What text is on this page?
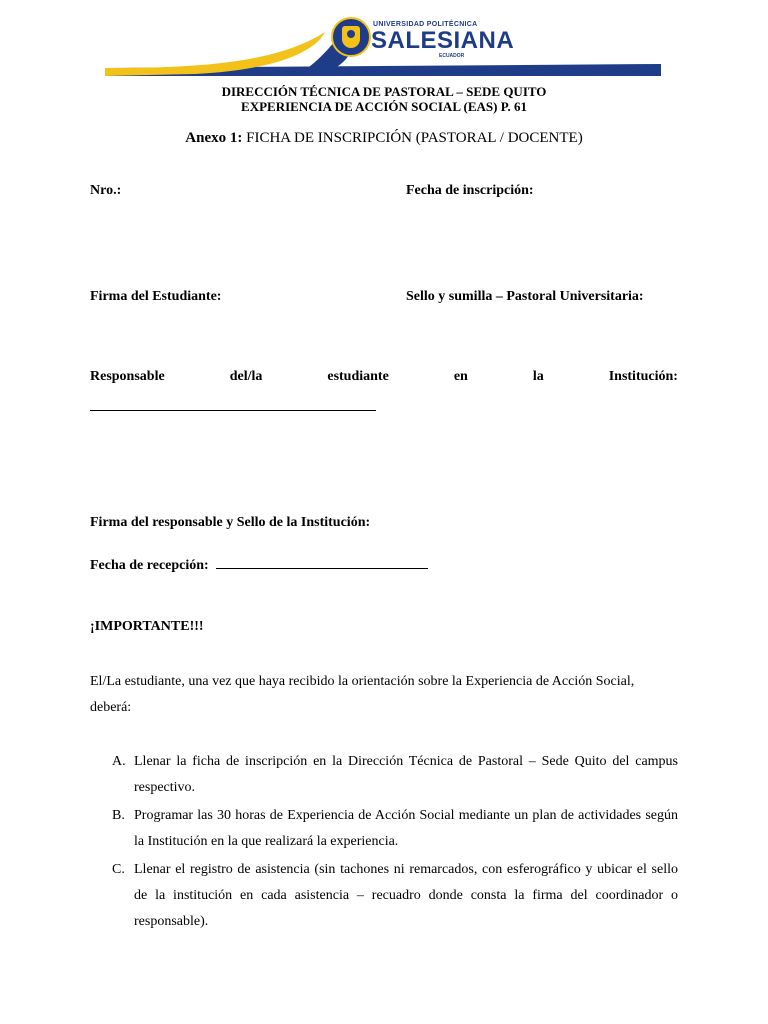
UNIVERSIDAD POLITÉCNICA
SALESIANA
ECUADOR
DIRECCIÓN TÉCNICA DE PASTORAL – SEDE QUITO
EXPERIENCIA DE ACCIÓN SOCIAL (EAS) P. 61
Anexo 1: FICHA DE INSCRIPCIÓN (PASTORAL / DOCENTE)
Nro.:	Fecha de inscripción:
Firma del Estudiante:	Sello y sumilla – Pastoral Universitaria:
Responsable	del/la	estudiante	en	la	Institución:
Firma del responsable y Sello de la Institución:
Fecha de recepción:
¡IMPORTANTE!!!
El/La estudiante, una vez que haya recibido la orientación sobre la Experiencia de Acción Social, deberá:
A. Llenar la ficha de inscripción en la Dirección Técnica de Pastoral – Sede Quito del campus respectivo.
B. Programar las 30 horas de Experiencia de Acción Social mediante un plan de actividades según la Institución en la que realizará la experiencia.
C. Llenar el registro de asistencia (sin tachones ni remarcados, con esferográfico y ubicar el sello de la institución en cada asistencia – recuadro donde consta la firma del coordinador o responsable).
